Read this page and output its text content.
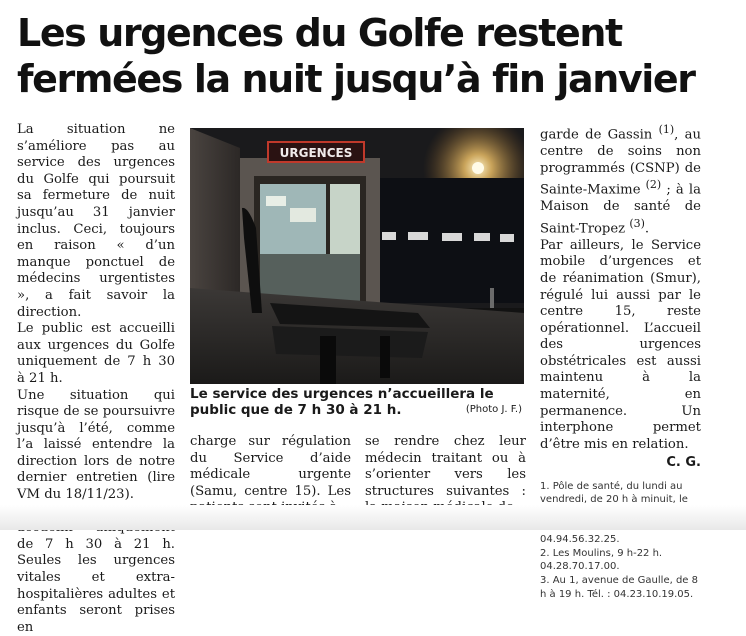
Les urgences du Golfe restent
fermées la nuit jusqu’à fin janvier

La situation ne s’améliore pas au service des urgences du Golfe qui poursuit sa fermeture de nuit jusqu’au 31 janvier inclus. Ceci, toujours en raison « d’un manque ponctuel de médecins urgentistes », a fait savoir la direction.

Le public est accueilli aux urgences du Golfe uniquement de 7 h 30 à 21 h.

Une situation qui risque de se poursuivre jusqu’à l’été, comme l’a laissé entendre la direction lors de notre dernier entretien (lire VM du 18/11/23).

de 7 h 30 à 21 h. Seules les urgences vitales et extra-hospitalières adultes et enfants seront prises en

URGENCES
Le service des urgences n’accueillera le public que de 7 h 30 à 21 h.	(Photo J. F.)

charge sur régulation du Service d’aide médicale urgente (Samu, centre 15). Les

se rendre chez leur médecin traitant ou à s’orienter vers les structures suivantes :

garde de Gassin $^{(1)}$, au centre de soins non programmés (CSNP) de Sainte-Maxime $^{(2)}$ ; à la Maison de santé de Saint-Tropez $^{(3)}$.

Par ailleurs, le Service mobile d’urgences et de réanimation (Smur), régulé lui aussi par le centre 15, reste opérationnel. L’accueil des urgences obstétricales est aussi maintenu à la maternité, en permanence. Un interphone permet d’être mis en relation.

C. G.

1. Pôle de santé, du lundi au vendredi, de 20 h à minuit, le 04.94.56.32.25.

2. Les Moulins, 9 h-22 h. 04.28.70.17.00.

3. Au 1, avenue de Gaulle, de 8 h à 19 h. Tél. : 04.23.10.19.05.
